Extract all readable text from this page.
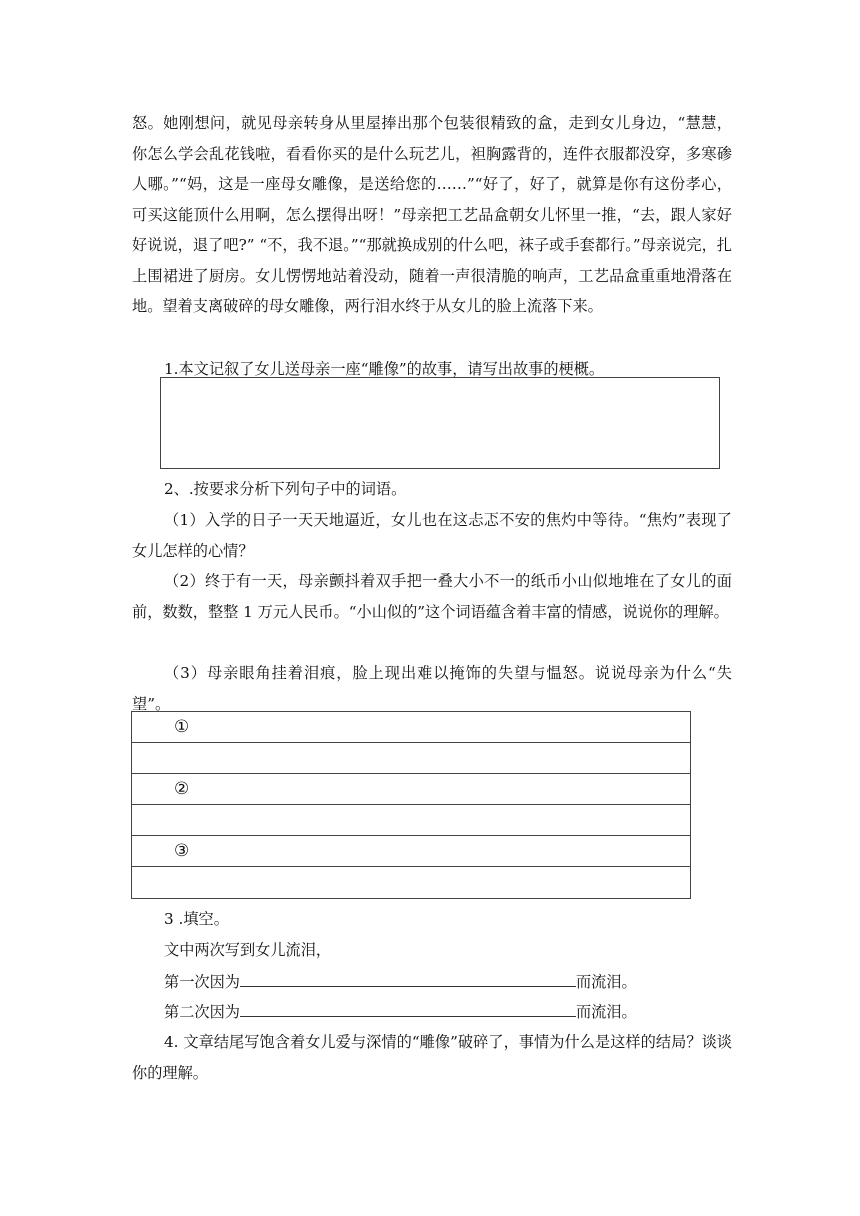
怒。她刚想问，就见母亲转身从里屋捧出那个包装很精致的盒，走到女儿身边，“慧慧，你怎么学会乱花钱啦，看看你买的是什么玩艺儿，袒胸露背的，连件衣服都没穿，多寒碜人哪。”“妈，这是一座母女雕像，是送给您的……”“好了，好了，就算是你有这份孝心，可买这能顶什么用啊，怎么摆得出呀！”母亲把工艺品盒朝女儿怀里一推，“去，跟人家好好说说，退了吧?” “不，我不退。”“那就换成别的什么吧，袜子或手套都行。”母亲说完，扎上围裙进了厨房。女儿愣愣地站着没动，随着一声很清脆的响声，工艺品盒重重地滑落在地。望着支离破碎的母女雕像，两行泪水终于从女儿的脸上流落下来。

1.本文记叙了女儿送母亲一座“雕像”的故事，请写出故事的梗概。

2、.按要求分析下列句子中的词语。

（1）入学的日子一天天地逼近，女儿也在这忐忑不安的焦灼中等待。“焦灼”表现了女儿怎样的心情？

（2）终于有一天，母亲颤抖着双手把一叠大小不一的纸币小山似地堆在了女儿的面前，数数，整整 1 万元人民币。“小山似的”这个词语蕴含着丰富的情感，说说你的理解。

（3）母亲眼角挂着泪痕，脸上现出难以掩饰的失望与愠怒。说说母亲为什么“失望”。

①
②
③

3 .填空。

文中两次写到女儿流泪，

第一次因为	而流泪。

第二次因为	而流泪。

4. 文章结尾写饱含着女儿爱与深情的“雕像”破碎了，事情为什么是这样的结局？谈谈你的理解。
